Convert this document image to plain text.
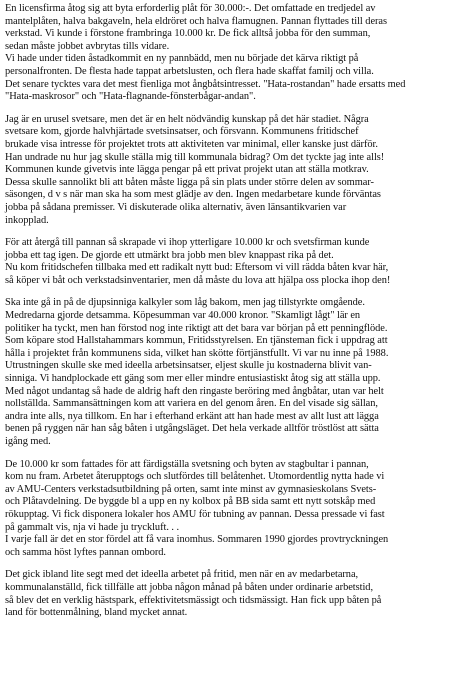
En licensfirma åtog sig att byta erforderlig plåt för 30.000:-. Det omfattade en tredjedel av
mantelplåten, halva bakgaveln, hela eldröret och halva flamugnen. Pannan flyttades till deras
verkstad. Vi kunde i förstone frambringa 10.000 kr. De fick alltså jobba för den summan,
sedan måste jobbet avbrytas tills vidare.
Vi hade under tiden åstadkommit en ny pannbädd, men nu började det kärva riktigt på
personalfronten. De flesta hade tappat arbetslusten, och flera hade skaffat familj och villa.
Det senare tycktes vara det mest fienliga mot ångbåtsintresset. "Hata-rostandan" hade ersatts med
"Hata-maskrosor" och "Hata-flagnande-fönsterbågar-andan".

Jag är en urusel svetsare, men det är en helt nödvändig kunskap på det här stadiet. Några
svetsare kom, gjorde halvhjärtade svetsinsatser, och försvann. Kommunens fritidschef
brukade visa intresse för projektet trots att aktiviteten var minimal, eller kanske just därför.
Han undrade nu hur jag skulle ställa mig till kommunala bidrag? Om det tyckte jag inte alls!
Kommunen kunde givetvis inte lägga pengar på ett privat projekt utan att ställa motkrav.
Dessa skulle sannolikt bli att båten måste ligga på sin plats under större delen av sommar-
säsongen, d v s när man ska ha som mest glädje av den. Ingen medarbetare kunde förväntas
jobba på sådana premisser. Vi diskuterade olika alternativ, även länsantikvarien var
inkopplad.

För att återgå till pannan så skrapade vi ihop ytterligare 10.000 kr och svetsfirman kunde
jobba ett tag igen. De gjorde ett utmärkt bra jobb men blev knappast rika på det.
Nu kom fritidschefen tillbaka med ett radikalt nytt bud: Eftersom vi vill rädda båten kvar här,
så köper vi båt och verkstadsinventarier, men då måste du lova att hjälpa oss plocka ihop den!

Ska inte gå in på de djupsinniga kalkyler som låg bakom, men jag tillstyrkte omgående.
Medredarna gjorde detsamma. Köpesumman var 40.000 kronor. "Skamligt lågt" lär en
politiker ha tyckt, men han förstod nog inte riktigt att det bara var början på ett penningflöde.
Som köpare stod Hallstahammars kommun, Fritidsstyrelsen. En tjänsteman fick i uppdrag att
hålla i projektet från kommunens sida, vilket han skötte förtjänstfullt. Vi var nu inne på 1988.
Utrustningen skulle ske med ideella arbetsinsatser, eljest skulle ju kostnaderna blivit van-
sinniga. Vi handplockade ett gäng som mer eller mindre entusiastiskt åtog sig att ställa upp.
Med något undantag så hade de aldrig haft den ringaste beröring med ångbåtar, utan var helt
nollställda. Sammansättningen kom att variera en del genom åren. En del visade sig sällan,
andra inte alls, nya tillkom. En har i efterhand erkänt att han hade mest av allt lust att lägga
benen på ryggen när han såg båten i utgångsläget. Det hela verkade alltför tröstlöst att sätta
igång med.

De 10.000 kr som fattades för att färdigställa svetsning och byten av stagbultar i pannan,
kom nu fram. Arbetet återupptogs och slutfördes till belåtenhet. Utomordentlig nytta hade vi
av AMU-Centers verkstadsutbildning på orten, samt inte minst av gymnasieskolans Svets-
och Plåtavdelning. De byggde bl a upp en ny kolbox på BB sida samt ett nytt sotskåp med
rökupptag. Vi fick disponera lokaler hos AMU för tubning av pannan. Dessa pressade vi fast
på gammalt vis, nja vi hade ju tryckluft. . .
I varje fall är det en stor fördel att få vara inomhus. Sommaren 1990 gjordes provtryckningen
och samma höst lyftes pannan ombord.

Det gick ibland lite segt med det ideella arbetet på fritid, men när en av medarbetarna,
kommunalanställd, fick tillfälle att jobba någon månad på båten under ordinarie arbetstid,
så blev det en verklig hästspark, effektivitetsmässigt och tidsmässigt. Han fick upp båten på
land för bottenmålning, bland mycket annat.
